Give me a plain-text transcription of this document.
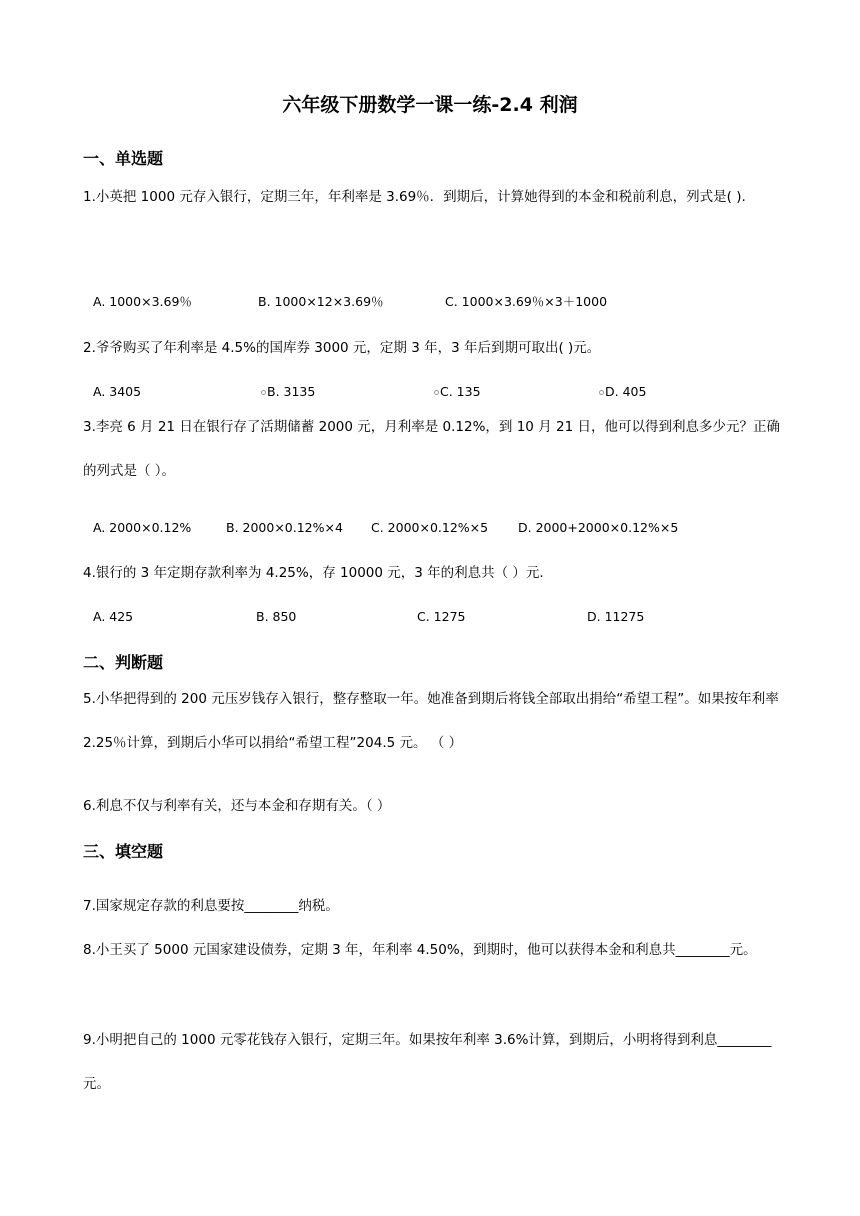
六年级下册数学一课一练-2.4 利润
一、单选题
1.小英把 1000 元存入银行，定期三年，年利率是 3.69％．到期后，计算她得到的本金和税前利息，列式是( ).
A. 1000×3.69％	B. 1000×12×3.69％	C. 1000×3.69％×3＋1000
2.爷爷购买了年利率是 4.5%的国库券 3000 元，定期 3 年，3 年后到期可取出( )元。
A. 3405	B. 3135	C. 135	D. 405
3.李亮 6 月 21 日在银行存了活期储蓄 2000 元，月利率是 0.12%，到 10 月 21 日，他可以得到利息多少元？正确的列式是（ ）。
A. 2000×0.12%	B. 2000×0.12%×4 C. 2000×0.12%×5 D. 2000+2000×0.12%×5
4.银行的 3 年定期存款利率为 4.25%，存 10000 元，3 年的利息共（ ）元.
A. 425	B. 850	C. 1275	D. 11275
二、判断题
5.小华把得到的 200 元压岁钱存入银行，整存整取一年。她准备到期后将钱全部取出捐给“希望工程”。如果按年利率 2.25％计算，到期后小华可以捐给“希望工程”204.5 元。 （ ）
6.利息不仅与利率有关，还与本金和存期有关。（ ）
三、填空题
7.国家规定存款的利息要按________纳税。
8.小王买了 5000 元国家建设债券，定期 3 年，年利率 4.50%，到期时，他可以获得本金和利息共________元。
9.小明把自己的 1000 元零花钱存入银行，定期三年。如果按年利率 3.6%计算，到期后，小明将得到利息________元。
